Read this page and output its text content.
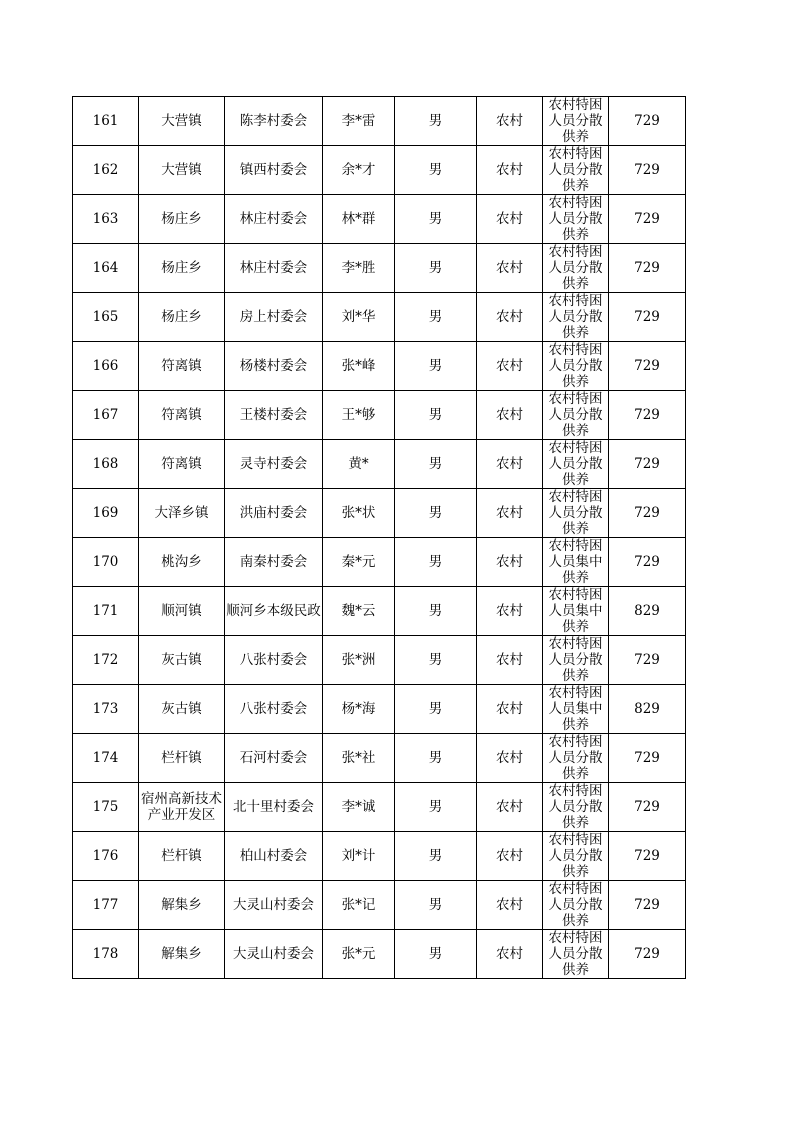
161	大营镇	陈李村委会	李*雷	男	农村	农村特困人员分散供养	729

162	大营镇	镇西村委会	余*才	男	农村	农村特困人员分散供养	729

163	杨庄乡	林庄村委会	林*群	男	农村	农村特困人员分散供养	729

164	杨庄乡	林庄村委会	李*胜	男	农村	农村特困人员分散供养	729

165	杨庄乡	房上村委会	刘*华	男	农村	农村特困人员分散供养	729

166	符离镇	杨楼村委会	张*峰	男	农村	农村特困人员分散供养	729

167	符离镇	王楼村委会	王*够	男	农村	农村特困人员分散供养	729

168	符离镇	灵寺村委会	黄*	男	农村	农村特困人员分散供养	729

169	大泽乡镇	洪庙村委会	张*状	男	农村	农村特困人员分散供养	729

170	桃沟乡	南秦村委会	秦*元	男	农村	农村特困人员集中供养	729

171	顺河镇	顺河乡本级民政	魏*云	男	农村	农村特困人员集中供养	829

172	灰古镇	八张村委会	张*洲	男	农村	农村特困人员分散供养	729

173	灰古镇	八张村委会	杨*海	男	农村	农村特困人员集中供养	829

174	栏杆镇	石河村委会	张*社	男	农村	农村特困人员分散供养	729

175	宿州高新技术产业开发区	北十里村委会	李*诚	男	农村	农村特困人员分散供养	729

176	栏杆镇	柏山村委会	刘*计	男	农村	农村特困人员分散供养	729

177	解集乡	大灵山村委会	张*记	男	农村	农村特困人员分散供养	729

178	解集乡	大灵山村委会	张*元	男	农村	农村特困人员分散供养	729
